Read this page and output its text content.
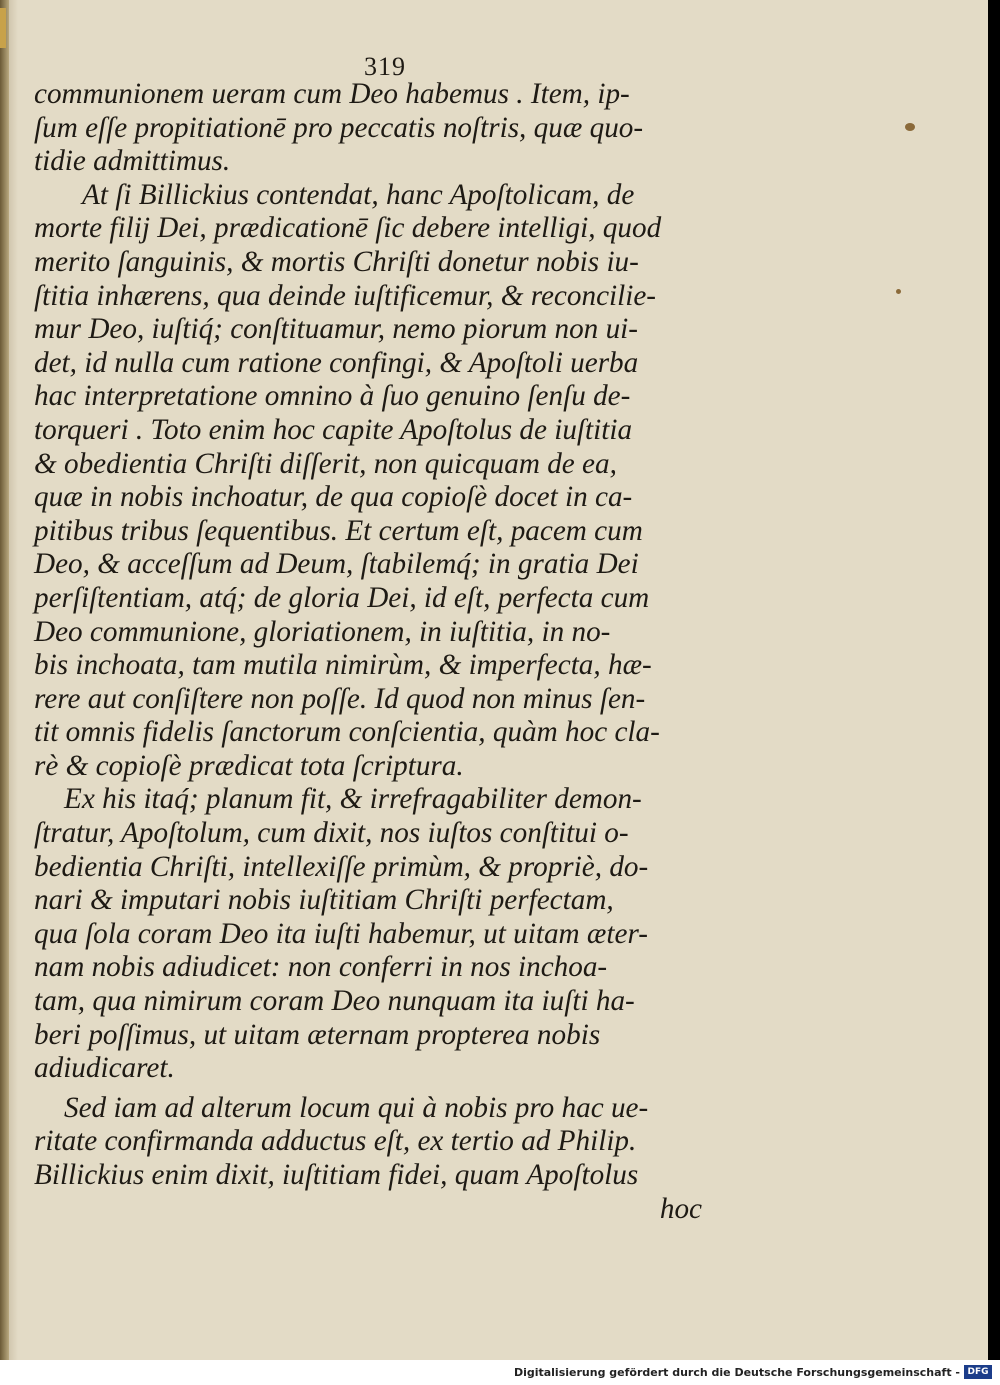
319
communionem ueram cum Deo habemus . Item, ip-
ſum eſſe propitiationē pro peccatis noſtris, quæ quo-
tidie admittimus.
At ſi Billickius contendat, hanc Apoſtolicam, de
morte filij Dei, prædicationē ſic debere intelligi, quod
merito ſanguinis, & mortis Chriſti donetur nobis iu-
ſtitia inhærens, qua deinde iuſtificemur, & reconcilie-
mur Deo, iuſtiq́; conſtituamur, nemo piorum non ui-
det, id nulla cum ratione confingi, & Apoſtoli uerba
hac interpretatione omnino à ſuo genuino ſenſu de-
torqueri . Toto enim hoc capite Apoſtolus de iuſtitia
& obedientia Chriſti diſſerit, non quicquam de ea,
quæ in nobis inchoatur, de qua copioſè docet in ca-
pitibus tribus ſequentibus. Et certum eſt, pacem cum
Deo, & acceſſum ad Deum, ſtabilemq́; in gratia Dei
perſiſtentiam, atq́; de gloria Dei, id eſt, perfecta cum
Deo communione, gloriationem, in iuſtitia, in no-
bis inchoata, tam mutila nimirùm, & imperfecta, hæ-
rere aut conſiſtere non poſſe. Id quod non minus ſen-
tit omnis fidelis ſanctorum conſcientia, quàm hoc cla-
rè & copioſè prædicat tota ſcriptura.
Ex his itaq́; planum fit, & irrefragabiliter demon-
ſtratur, Apoſtolum, cum dixit, nos iuſtos conſtitui o-
bedientia Chriſti, intellexiſſe primùm, & propriè, do-
nari & imputari nobis iuſtitiam Chriſti perfectam,
qua ſola coram Deo ita iuſti habemur, ut uitam æter-
nam nobis adiudicet: non conferri in nos inchoa-
tam, qua nimirum coram Deo nunquam ita iuſti ha-
beri poſſimus, ut uitam æternam propterea nobis
adiudicaret.
Sed iam ad alterum locum qui à nobis pro hac ue-
ritate confirmanda adductus eſt, ex tertio ad Philip.
Billickius enim dixit, iuſtitiam fidei, quam Apoſtolus
hoc
Digitalisierung gefördert durch die Deutsche Forschungsgemeinschaft - DFG
